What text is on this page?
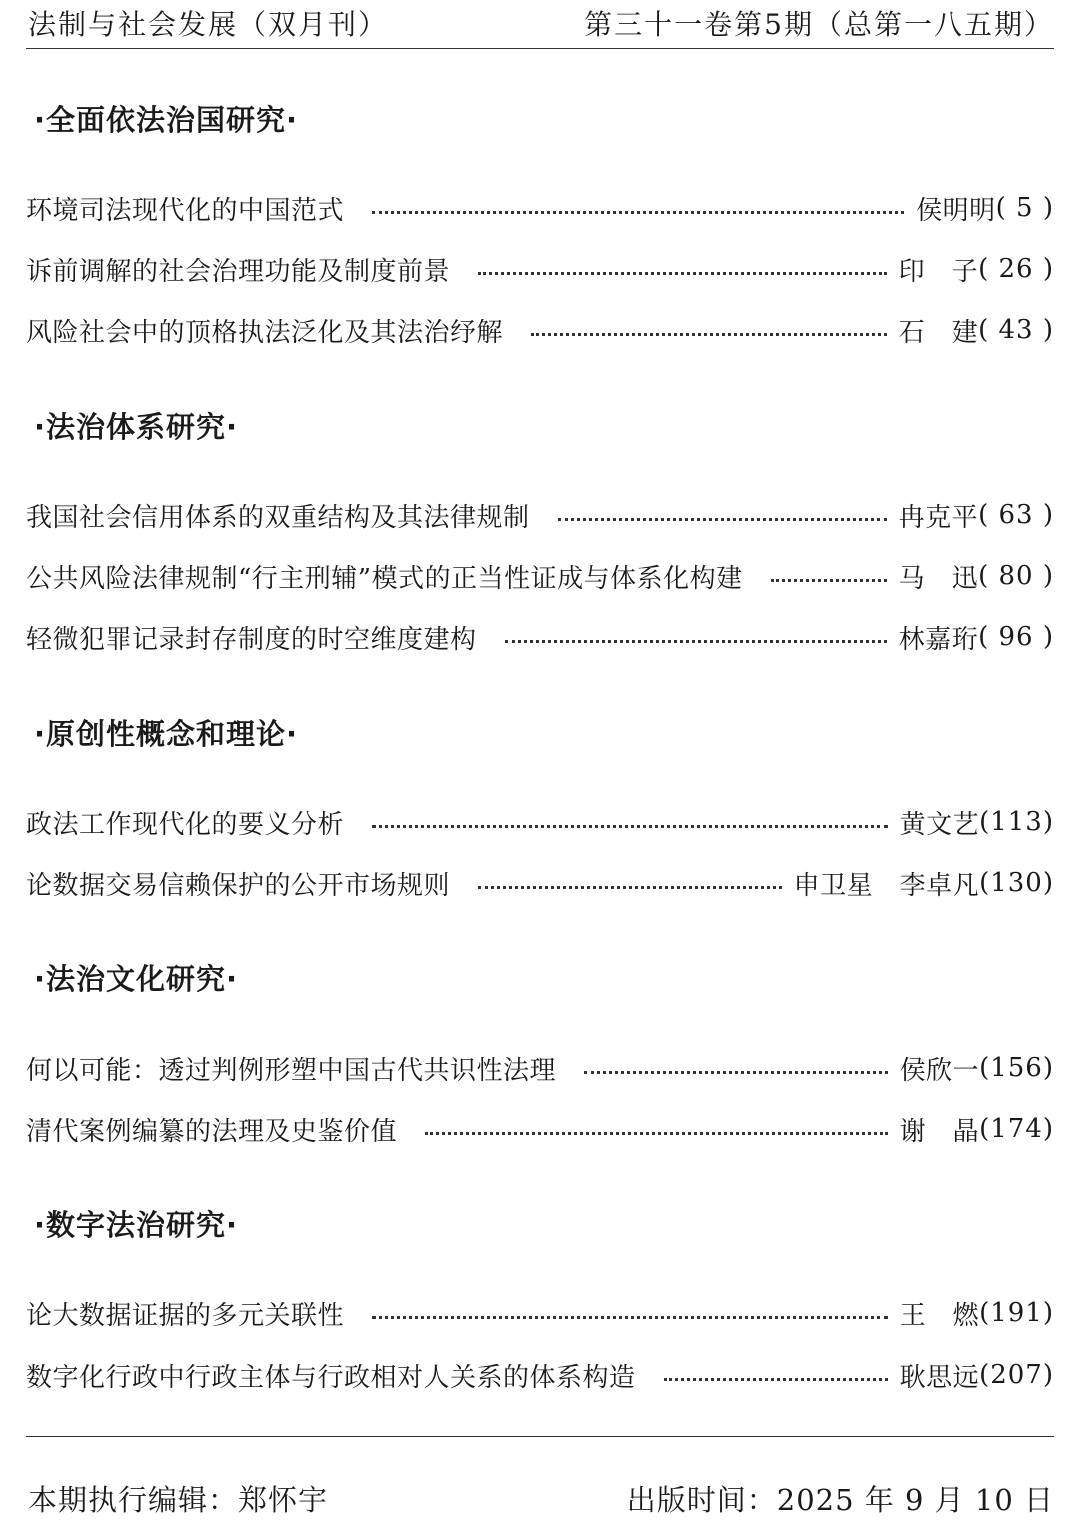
法制与社会发展（双月刊）	第三十一卷第5期（总第一八五期）
·全面依法治国研究·
环境司法现代化的中国范式	侯明明 ( 5 )
诉前调解的社会治理功能及制度前景	印　子 ( 26 )
风险社会中的顶格执法泛化及其法治纾解	石　建 ( 43 )
·法治体系研究·
我国社会信用体系的双重结构及其法律规制	冉克平 ( 63 )
公共风险法律规制“行主刑辅”模式的正当性证成与体系化构建	马　迅 ( 80 )
轻微犯罪记录封存制度的时空维度建构	林嘉珩 ( 96 )
·原创性概念和理论·
政法工作现代化的要义分析	黄文艺 (113)
论数据交易信赖保护的公开市场规则	申卫星　李卓凡 (130)
·法治文化研究·
何以可能：透过判例形塑中国古代共识性法理	侯欣一 (156)
清代案例编纂的法理及史鉴价值	谢　晶 (174)
·数字法治研究·
论大数据证据的多元关联性	王　燃 (191)
数字化行政中行政主体与行政相对人关系的体系构造	耿思远 (207)
本期执行编辑：郑怀宇	出版时间：2025 年 9 月 10 日
